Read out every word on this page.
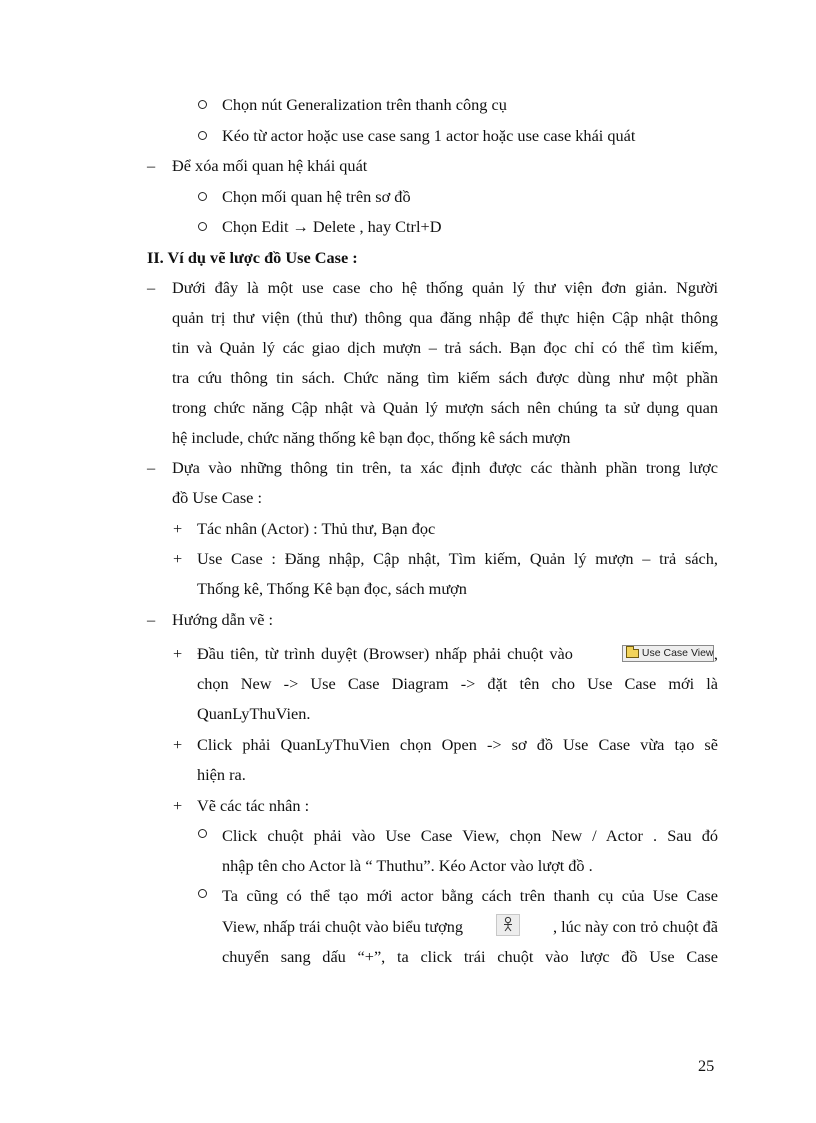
–
–
–
–
+
+
+
+
+
Chọn nút Generalization trên thanh công cụ
Kéo từ actor hoặc use case sang 1 actor hoặc use case khái quát
Để xóa mối quan hệ khái quát
Chọn mối quan hệ trên sơ đồ
Chọn Edit → Delete , hay Ctrl+D
II. Ví dụ vẽ lược đồ Use Case :
Dưới đây là một use case cho hệ thống quản lý thư viện đơn giản. Người
quản trị thư viện (thủ thư) thông qua đăng nhập để thực hiện Cập nhật thông
tin và Quản lý các giao dịch mượn – trả sách. Bạn đọc chỉ có thể tìm kiếm,
tra cứu thông tin sách. Chức năng tìm kiếm sách được dùng như một phần
trong chức năng Cập nhật và Quản lý mượn sách nên chúng ta sử dụng quan
hệ include, chức năng thống kê bạn đọc, thống kê sách mượn
Dựa vào những thông tin trên, ta xác định được các thành phần trong lược
đồ Use Case :
Tác nhân (Actor) : Thủ thư, Bạn đọc
Use Case : Đăng nhập, Cập nhật, Tìm kiếm, Quản lý mượn – trả sách,
Thống kê, Thống Kê bạn đọc, sách mượn
Hướng dẫn vẽ :
Đầu tiên, từ trình duyệt (Browser) nhấp phải chuột vào	Use Case View,
chọn New -> Use Case Diagram -> đặt tên cho Use Case mới là
QuanLyThuVien.
Click phải QuanLyThuVien chọn Open -> sơ đồ Use Case vừa tạo sẽ
hiện ra.
Vẽ các tác nhân :
Click chuột phải vào Use Case View, chọn New / Actor . Sau đó
nhập tên cho Actor là “ Thuthu”. Kéo Actor vào lượt đồ .
Ta cũng có thể tạo mới actor bằng cách trên thanh cụ của Use Case
View, nhấp trái chuột vào biểu tượng	, lúc này con trỏ chuột đã
chuyển sang dấu “+”, ta click trái chuột vào lược đồ Use Case
25
